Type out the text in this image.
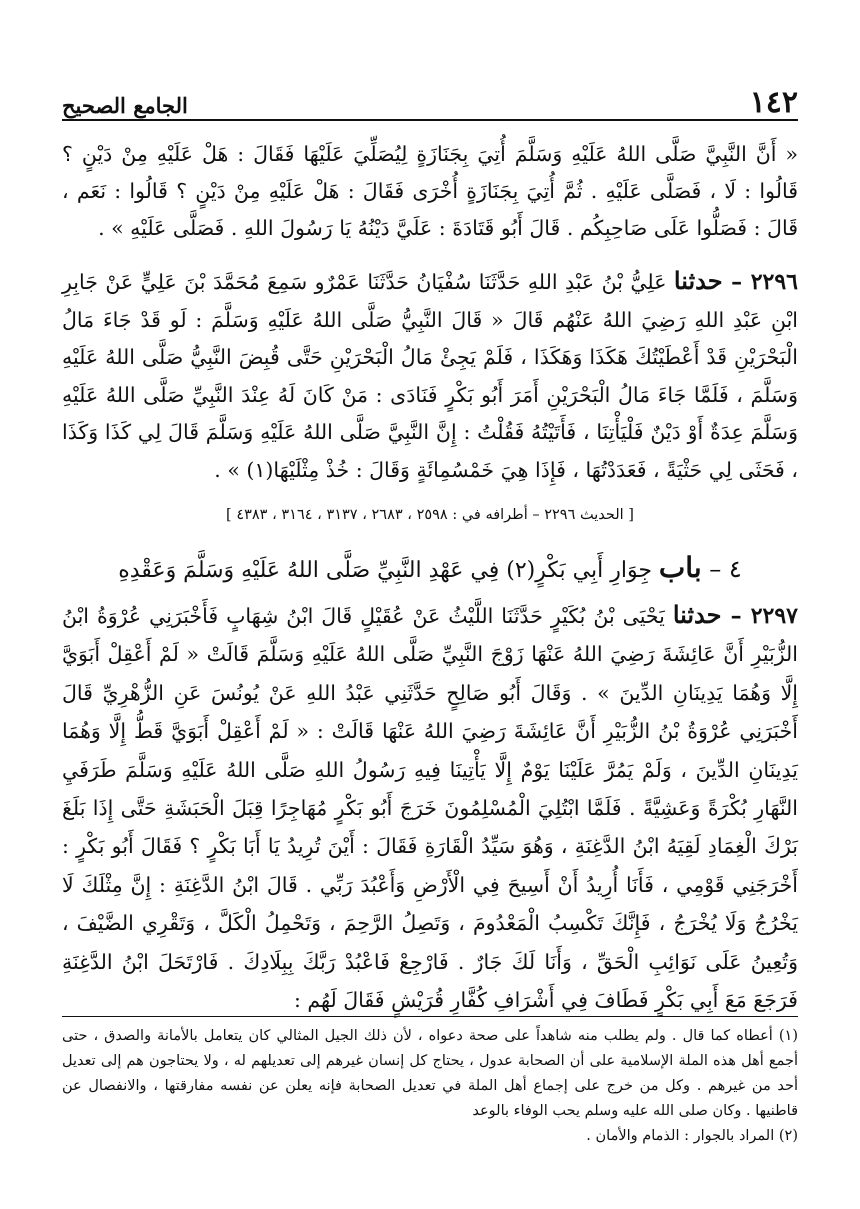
١٤٢
الجامع الصحيح

« أَنَّ النَّبِيَّ صَلَّى اللهُ عَلَيْهِ وَسَلَّمَ أُتِيَ بِجَنَازَةٍ لِيُصَلِّيَ عَلَيْهَا فَقَالَ : هَلْ عَلَيْهِ مِنْ دَيْنٍ ؟ قَالُوا : لَا ، فَصَلَّى عَلَيْهِ . ثُمَّ أُتِيَ بِجَنَازَةٍ أُخْرَى فَقَالَ : هَلْ عَلَيْهِ مِنْ دَيْنٍ ؟ قَالُوا : نَعَم ، قَالَ : فَصَلُّوا عَلَى صَاحِبِكُم . قَالَ أَبُو قَتَادَةَ : عَلَيَّ دَيْنُهُ يَا رَسُولَ اللهِ . فَصَلَّى عَلَيْهِ » .

٢٢٩٦ – حدثنا عَلِيُّ بْنُ عَبْدِ اللهِ حَدَّثَنَا سُفْيَانُ حَدَّثَنَا عَمْرٌو سَمِعَ مُحَمَّدَ بْنَ عَلِيٍّ عَنْ جَابِرِ ابْنِ عَبْدِ اللهِ رَضِيَ اللهُ عَنْهُم قَالَ « قَالَ النَّبِيُّ صَلَّى اللهُ عَلَيْهِ وَسَلَّمَ : لَو قَدْ جَاءَ مَالُ الْبَحْرَيْنِ قَدْ أَعْطَيْتُكَ هَكَذَا وَهَكَذَا ، فَلَمْ يَجِئْ مَالُ الْبَحْرَيْنِ حَتَّى قُبِضَ النَّبِيُّ صَلَّى اللهُ عَلَيْهِ وَسَلَّمَ ، فَلَمَّا جَاءَ مَالُ الْبَحْرَيْنِ أَمَرَ أَبُو بَكْرٍ فَنَادَى : مَنْ كَانَ لَهُ عِنْدَ النَّبِيِّ صَلَّى اللهُ عَلَيْهِ وَسَلَّمَ عِدَةٌ أَوْ دَيْنٌ فَلْيَأْتِنَا ، فَأَتَيْتُهُ فَقُلْتُ : إِنَّ النَّبِيَّ صَلَّى اللهُ عَلَيْهِ وَسَلَّمَ قَالَ لِي كَذَا وَكَذَا ، فَحَثَى لِي حَثْيَةً ، فَعَدَدْتُهَا ، فَإِذَا هِيَ خَمْسُمِائَةٍ وَقَالَ : خُذْ مِثْلَيْهَا(١) » .

[ الحديث ٢٢٩٦ – أطرافه في : ٢٥٩٨ ، ٢٦٨٣ ، ٣١٣٧ ، ٣١٦٤ ، ٤٣٨٣ ]
٤ – باب جِوَارِ أَبِي بَكْرٍ(٢) فِي عَهْدِ النَّبِيِّ صَلَّى اللهُ عَلَيْهِ وَسَلَّمَ وَعَقْدِهِ

٢٢٩٧ – حدثنا يَحْيَى بْنُ بُكَيْرٍ حَدَّثَنَا اللَّيْثُ عَنْ عُقَيْلٍ قَالَ ابْنُ شِهَابٍ فَأَخْبَرَنِي عُرْوَةُ ابْنُ الزُّبَيْرِ أَنَّ عَائِشَةَ رَضِيَ اللهُ عَنْهَا زَوْجَ النَّبِيِّ صَلَّى اللهُ عَلَيْهِ وَسَلَّمَ قَالَتْ « لَمْ أَعْقِلْ أَبَوَيَّ إِلَّا وَهُمَا يَدِينَانِ الدِّينَ » . وَقَالَ أَبُو صَالِحٍ حَدَّثَنِي عَبْدُ اللهِ عَنْ يُونُسَ عَنِ الزُّهْرِيِّ قَالَ أَخْبَرَنِي عُرْوَةُ بْنُ الزُّبَيْرِ أَنَّ عَائِشَةَ رَضِيَ اللهُ عَنْهَا قَالَتْ : « لَمْ أَعْقِلْ أَبَوَيَّ قَطُّ إِلَّا وَهُمَا يَدِينَانِ الدِّينَ ، وَلَمْ يَمُرَّ عَلَيْنَا يَوْمٌ إِلَّا يَأْتِينَا فِيهِ رَسُولُ اللهِ صَلَّى اللهُ عَلَيْهِ وَسَلَّمَ طَرَفَيِ النَّهَارِ بُكْرَةً وَعَشِيَّةً . فَلَمَّا ابْتُلِيَ الْمُسْلِمُونَ خَرَجَ أَبُو بَكْرٍ مُهَاجِرًا قِبَلَ الْحَبَشَةِ حَتَّى إِذَا بَلَغَ بَرْكَ الْغِمَادِ لَقِيَهُ ابْنُ الدَّغِنَةِ ، وَهُوَ سَيِّدُ الْقَارَةِ فَقَالَ : أَيْنَ تُرِيدُ يَا أَبَا بَكْرٍ ؟ فَقَالَ أَبُو بَكْرٍ : أَخْرَجَنِي قَوْمِي ، فَأَنَا أُرِيدُ أَنْ أَسِيحَ فِي الْأَرْضِ وَأَعْبُدَ رَبِّي . قَالَ ابْنُ الدَّغِنَةِ : إِنَّ مِثْلَكَ لَا يَخْرُجُ وَلَا يُخْرَجُ ، فَإِنَّكَ تَكْسِبُ الْمَعْدُومَ ، وَتَصِلُ الرَّحِمَ ، وَتَحْمِلُ الْكَلَّ ، وَتَقْرِي الضَّيْفَ ، وَتُعِينُ عَلَى نَوَائِبِ الْحَقِّ ، وَأَنَا لَكَ جَارٌ . فَارْجِعْ فَاعْبُدْ رَبَّكَ بِبِلَادِكَ . فَارْتَحَلَ ابْنُ الدَّغِنَةِ فَرَجَعَ مَعَ أَبِي بَكْرٍ فَطَافَ فِي أَشْرَافِ كُفَّارِ قُرَيْشٍ فَقَالَ لَهُم :

(١) أعطاه كما قال . ولم يطلب منه شاهداً على صحة دعواه ، لأن ذلك الجيل المثالي كان يتعامل بالأمانة والصدق ، حتى أجمع أهل هذه الملة الإسلامية على أن الصحابة عدول ، يحتاج كل إنسان غيرهم إلى تعديلهم له ، ولا يحتاجون هم إلى تعديل أحد من غيرهم . وكل من خرج على إجماع أهل الملة في تعديل الصحابة فإنه يعلن عن نفسه مفارقتها ، والانفصال عن قاطنيها . وكان صلى الله عليه وسلم يحب الوفاء بالوعد

(٢) المراد بالجوار : الذمام والأمان .
